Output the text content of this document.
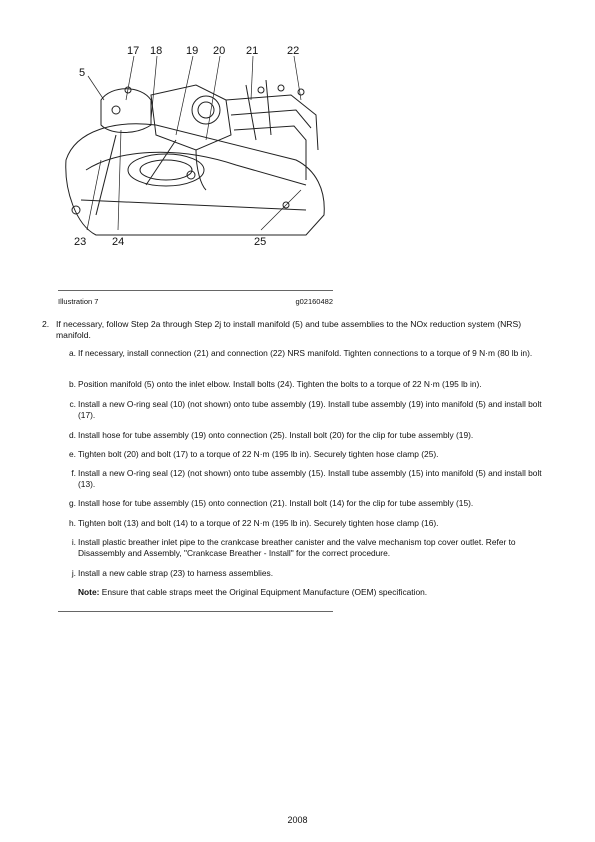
5
17 18 19 20 21	22
23 24	25
Illustration 7	g02160482
2. If necessary, follow Step 2a through Step 2j to install manifold (5) and tube assemblies to the NOx reduction system (NRS) manifold.
a. If necessary, install connection (21) and connection (22) NRS manifold. Tighten connections to a torque of 9 N·m (80 lb in).
b. Position manifold (5) onto the inlet elbow. Install bolts (24). Tighten the bolts to a torque of 22 N·m (195 lb in).
c. Install a new O-ring seal (10) (not shown) onto tube assembly (19). Install tube assembly (19) into manifold (5) and install bolt (17).
d. Install hose for tube assembly (19) onto connection (25). Install bolt (20) for the clip for tube assembly (19).
e. Tighten bolt (20) and bolt (17) to a torque of 22 N·m (195 lb in). Securely tighten hose clamp (25).
f. Install a new O-ring seal (12) (not shown) onto tube assembly (15). Install tube assembly (15) into manifold (5) and install bolt (13).
g. Install hose for tube assembly (15) onto connection (21). Install bolt (14) for the clip for tube assembly (15).
h. Tighten bolt (13) and bolt (14) to a torque of 22 N·m (195 lb in). Securely tighten hose clamp (16).
i. Install plastic breather inlet pipe to the crankcase breather canister and the valve mechanism top cover outlet. Refer to Disassembly and Assembly, "Crankcase Breather - Install" for the correct procedure.
j. Install a new cable strap (23) to harness assemblies.
Note: Ensure that cable straps meet the Original Equipment Manufacture (OEM) specification.
2008
